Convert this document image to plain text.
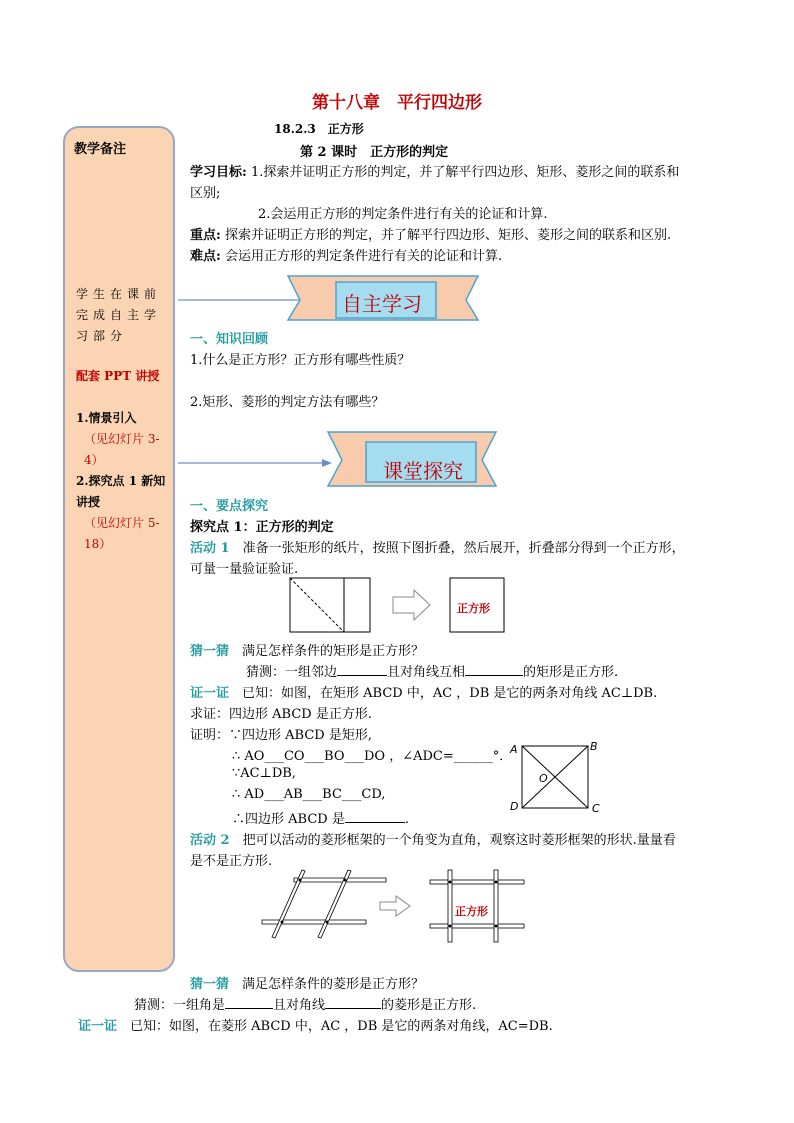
第十八章　平行四边形
教学备注
学生在课前完成自主学习部分
配套 PPT 讲授
1.情景引入
（见幻灯片 3-4）
2.探究点 1 新知讲授
（见幻灯片 5-18）
18.2.3　正方形
第 2 课时　正方形的判定
学习目标: 1.探索并证明正方形的判定，并了解平行四边形、矩形、菱形之间的联系和
区别;
2.会运用正方形的判定条件进行有关的论证和计算.
重点: 探索并证明正方形的判定，并了解平行四边形、矩形、菱形之间的联系和区别.
难点: 会运用正方形的判定条件进行有关的论证和计算.
自主学习
一、知识回顾
1.什么是正方形？正方形有哪些性质？
2.矩形、菱形的判定方法有哪些？
课堂探究
一、要点探究
探究点 1：正方形的判定
活动 1　准备一张矩形的纸片，按照下图折叠，然后展开，折叠部分得到一个正方形，
可量一量验证验证.
正方形
猜一猜　满足怎样条件的矩形是正方形？
猜测：一组邻边	且对角线互相	的矩形是正方形.
证一证　已知：如图，在矩形 ABCD 中，AC ，DB 是它的两条对角线 AC⊥DB.
求证：四边形 ABCD 是正方形.
证明：∵四边形 ABCD 是矩形,
∴ AO___CO___BO___DO ，∠ADC=______°．
∵AC⊥DB,
∴ AD___AB___BC___CD,
∴四边形 ABCD 是	.
A	B
C
D
O
活动 2　把可以活动的菱形框架的一个角变为直角，观察这时菱形框架的形状.量量看
是不是正方形.
正方形
猜一猜　满足怎样条件的菱形是正方形？
猜测：一组角是	且对角线	的菱形是正方形.
证一证　已知：如图，在菱形 ABCD 中，AC ，DB 是它的两条对角线，AC=DB.
